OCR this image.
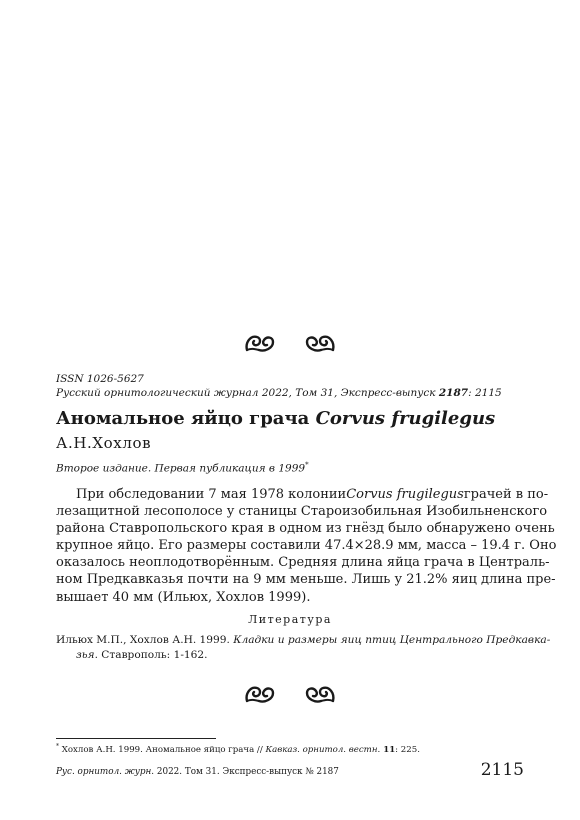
ISSN 1026-5627
Русский орнитологический журнал 2022, Том 31, Экспресс-выпуск 2187: 2115
Аномальное яйцо грача Corvus frugilegus
А.Н.Хохлов
Второе издание. Первая публикация в 1999*
При обследовании 7 мая 1978 колонии Corvus frugilegus грачей в по-
лезащитной лесополосе у станицы Староизобильная Изобильненского
района Ставропольского края в одном из гнёзд было обнаружено очень
крупное яйцо. Его размеры составили 47.4×28.9 мм, масса – 19.4 г. Оно
оказалось неоплодотворённым. Средняя длина яйца грача в Централь-
ном Предкавказья почти на 9 мм меньше. Лишь у 21.2% яиц длина пре-
вышает 40 мм (Ильюх, Хохлов 1999).
Литература
Ильюх М.П., Хохлов А.Н. 1999. Кладки и размеры яиц птиц Центрального Предкавка-
зья . Ставрополь: 1-162.

* Хохлов А.Н. 1999. Аномальное яйцо грача // Кавказ. орнитол. вестн. 11: 225.
Рус. орнитол. журн. 2022. Том 31. Экспресс-выпуск № 2187	2115
